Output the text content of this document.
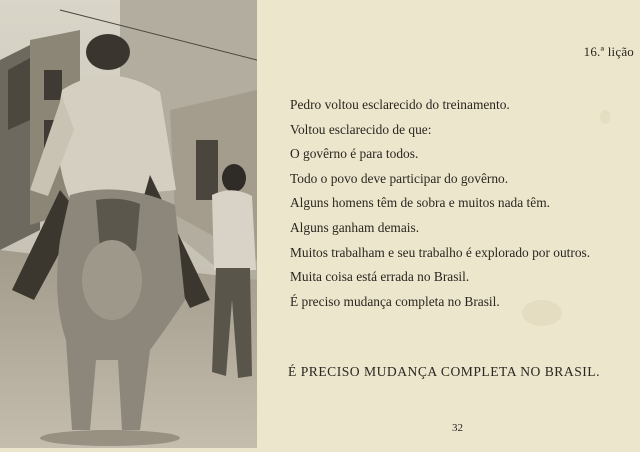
16.ª lição
Pedro voltou esclarecido do treinamento.
Voltou esclarecido de que:
O govêrno é para todos.
Todo o povo deve participar do govêrno.
Alguns homens têm de sobra e muitos nada têm.
Alguns ganham demais.
Muitos trabalham e seu trabalho é explorado por outros.
Muita coisa está errada no Brasil.
É preciso mudança completa no Brasil.
É PRECISO MUDANÇA COMPLETA NO BRASIL.
32
